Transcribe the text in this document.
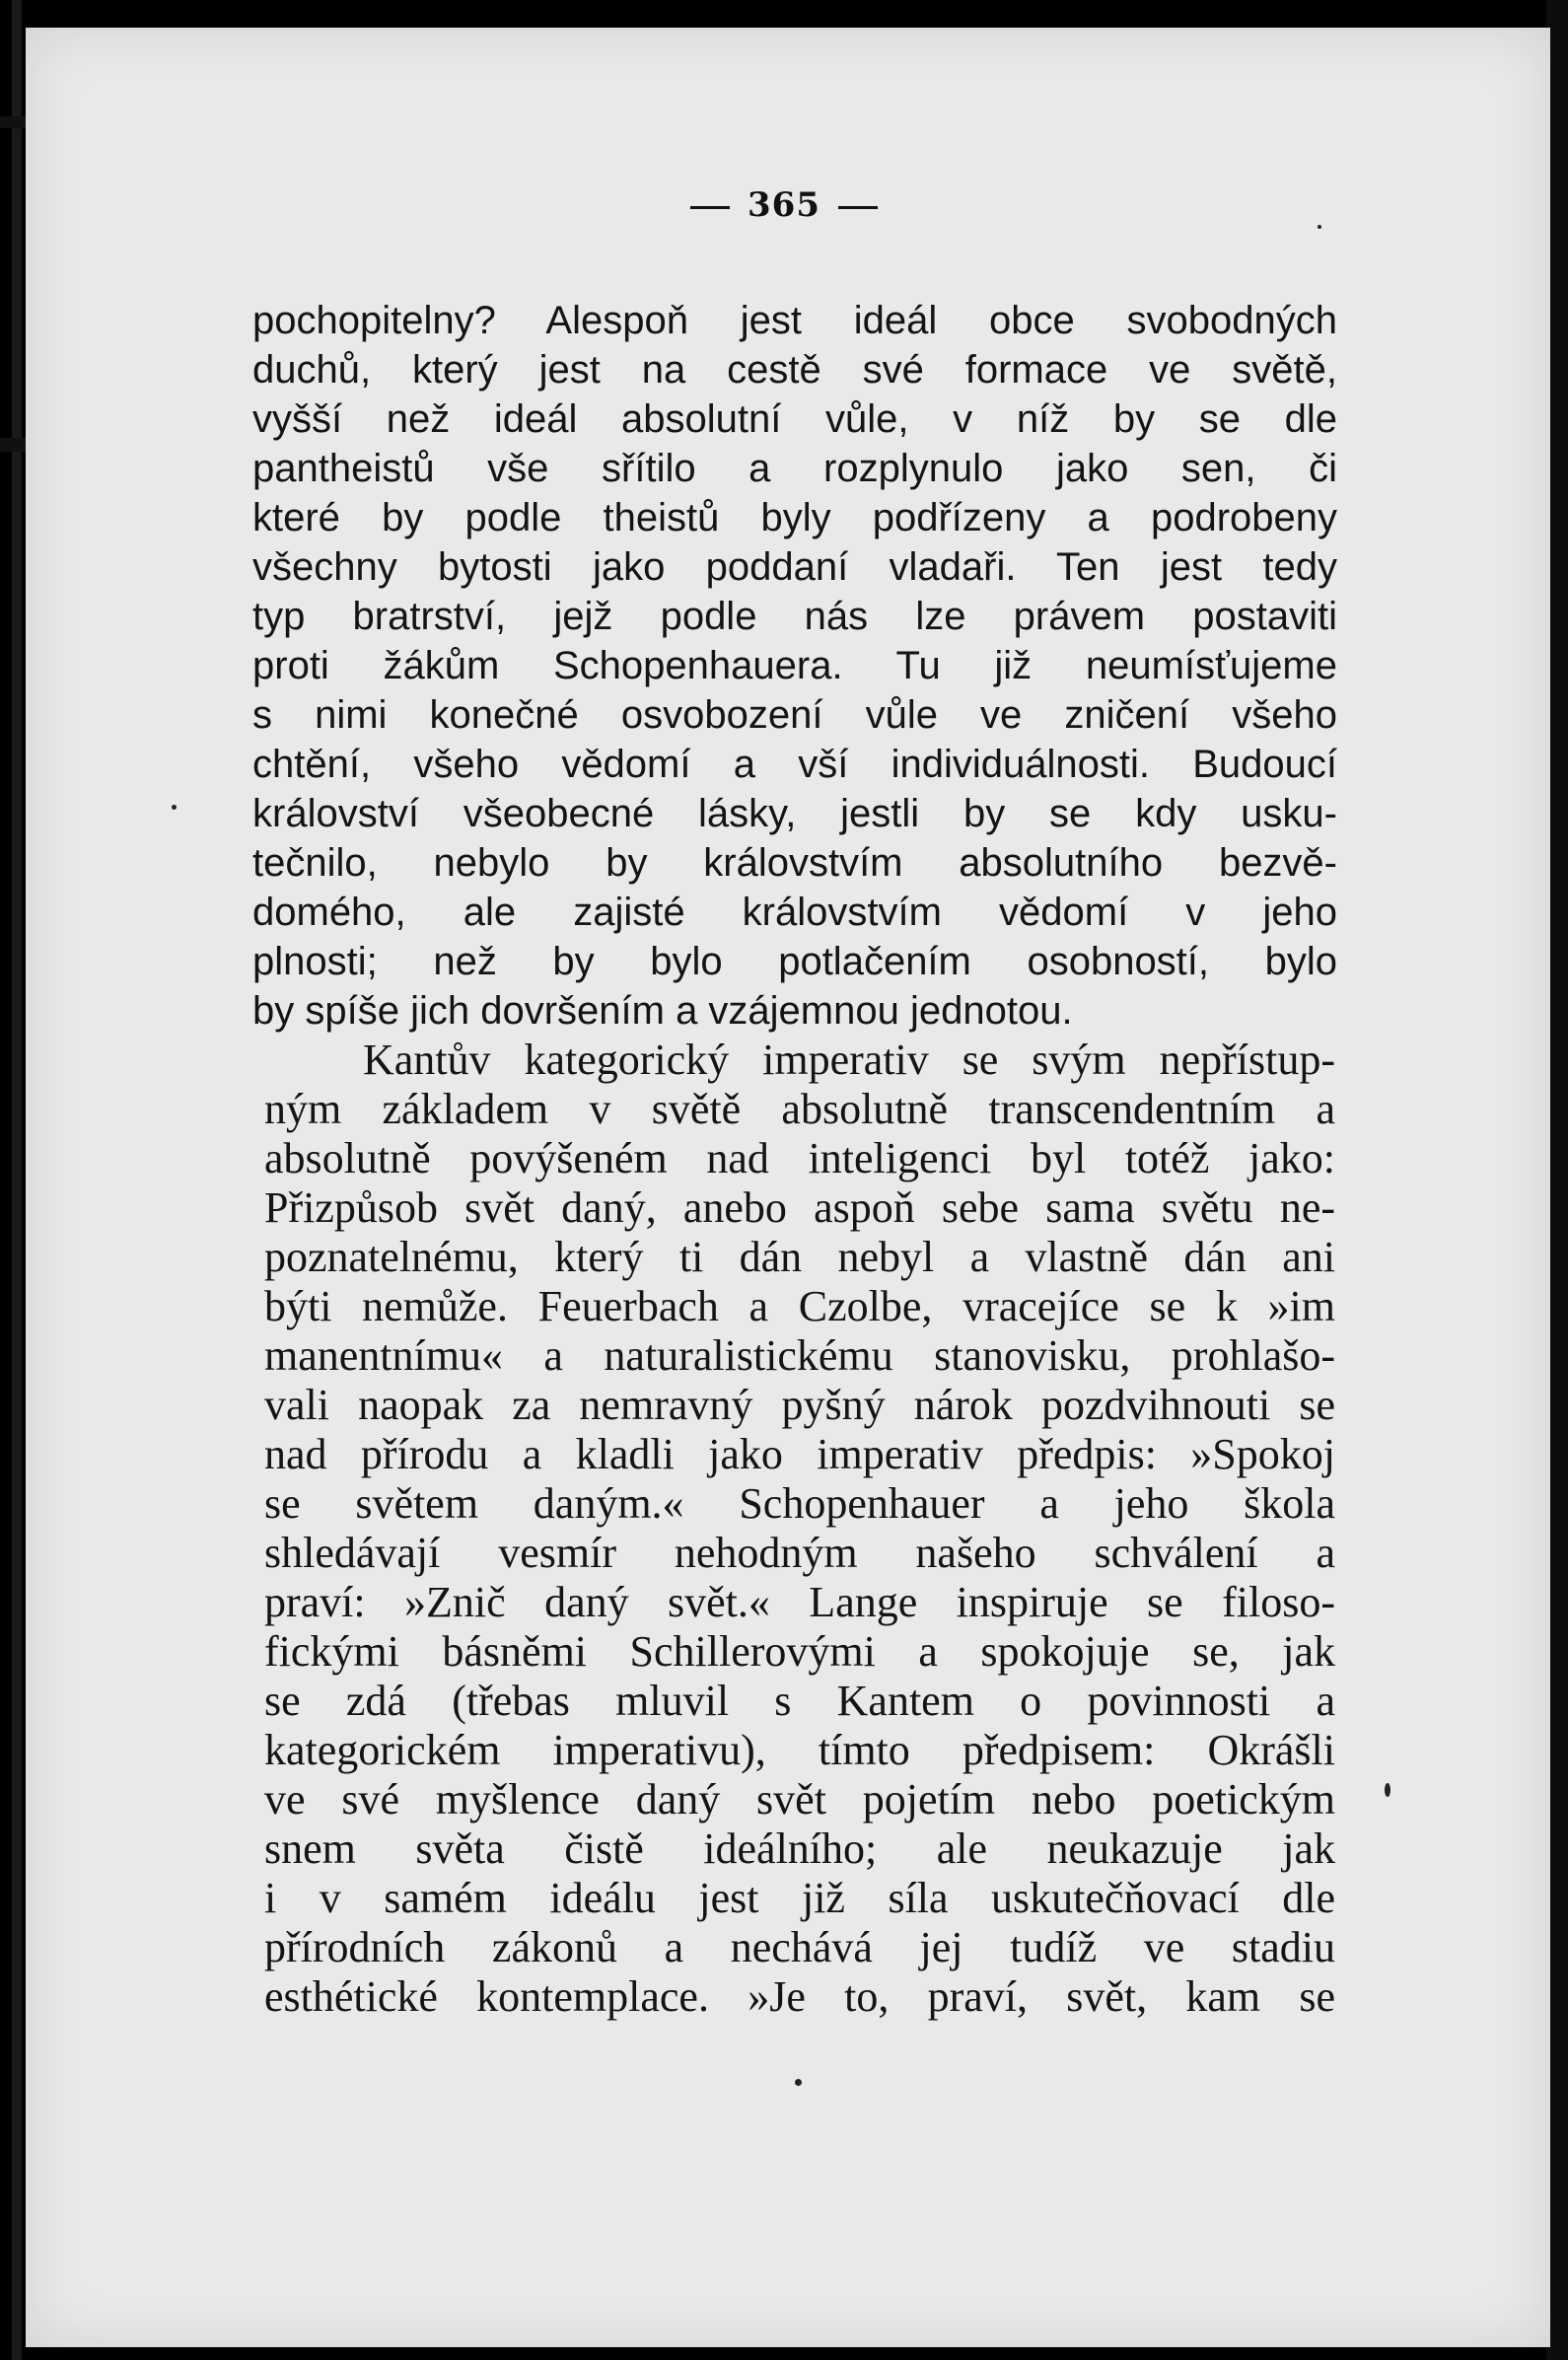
365
pochopitelny? Alespoň jest ideál obce svobodných
duchů, který jest na cestě své formace ve světě,
vyšší než ideál absolutní vůle, v níž by se dle
pantheistů vše sřítilo a rozplynulo jako sen, či
které by podle theistů byly podřízeny a podrobeny
všechny bytosti jako poddaní vladaři. Ten jest tedy
typ bratrství, jejž podle nás lze právem postaviti
proti žákům Schopenhauera. Tu již neumísťujeme
s nimi konečné osvobození vůle ve zničení všeho
chtění, všeho vědomí a vší individuálnosti. Budoucí
království všeobecné lásky, jestli by se kdy usku-
tečnilo, nebylo by královstvím absolutního bezvě-
domého, ale zajisté královstvím vědomí v jeho
plnosti; než by bylo potlačením osobností, bylo
by spíše jich dovršením a vzájemnou jednotou.
Kantův kategorický imperativ se svým nepřístup-
ným základem v světě absolutně transcendentním a
absolutně povýšeném nad inteligenci byl totéž jako:
Přizpůsob svět daný, anebo aspoň sebe sama světu ne-
poznatelnému, který ti dán nebyl a vlastně dán ani
býti nemůže. Feuerbach a Czolbe, vracejíce se k »im
manentnímu« a naturalistickému stanovisku, prohlašo-
vali naopak za nemravný pyšný nárok pozdvihnouti se
nad přírodu a kladli jako imperativ předpis: »Spokoj
se světem daným.« Schopenhauer a jeho škola
shledávají vesmír nehodným našeho schválení a
praví: »Znič daný svět.« Lange inspiruje se filoso-
fickými básněmi Schillerovými a spokojuje se, jak
se zdá (třebas mluvil s Kantem o povinnosti a
kategorickém imperativu), tímto předpisem: Okrášli
ve své myšlence daný svět pojetím nebo poetickým
snem světa čistě ideálního; ale neukazuje jak
i v samém ideálu jest již síla uskutečňovací dle
přírodních zákonů a nechává jej tudíž ve stadiu
esthétické kontemplace. »Je to, praví, svět, kam se
